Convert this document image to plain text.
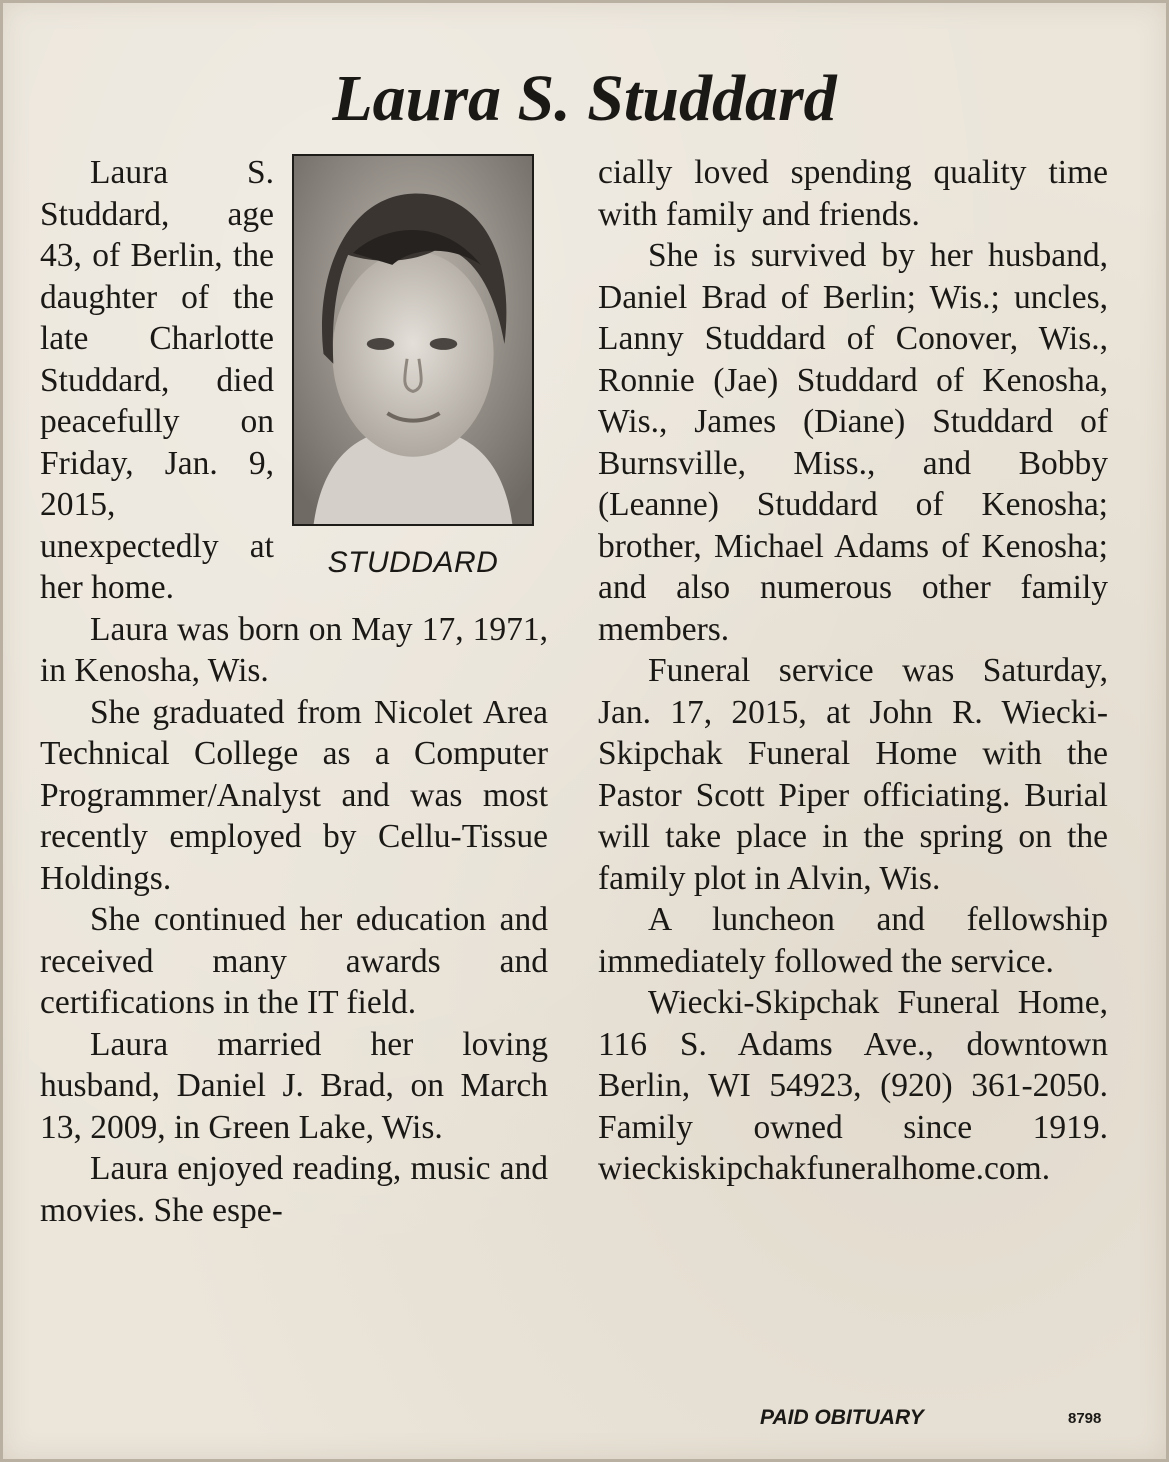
Laura S. Studdard
STUDDARD

Laura S. Studdard, age 43, of Berlin, the daughter of the late Charlotte Studdard, died peacefully on Friday, Jan. 9, 2015, unexpectedly at her home.

Laura was born on May 17, 1971, in Kenosha, Wis.

She graduated from Nicolet Area Technical College as a Computer Programmer/Analyst and was most recently employed by Cellu-Tissue Holdings.

She continued her education and received many awards and certifications in the IT field.

Laura married her loving husband, Daniel J. Brad, on March 13, 2009, in Green Lake, Wis.

Laura enjoyed reading, music and movies. She espe-

cially loved spending quality time with family and friends.

She is survived by her husband, Daniel Brad of Berlin; Wis.; uncles, Lanny Studdard of Conover, Wis., Ronnie (Jae) Studdard of Kenosha, Wis., James (Diane) Studdard of Burnsville, Miss., and Bobby (Leanne) Studdard of Kenosha; brother, Michael Adams of Kenosha; and also numerous other family members.

Funeral service was Saturday, Jan. 17, 2015, at John R. Wiecki-Skipchak Funeral Home with the Pastor Scott Piper officiating. Burial will take place in the spring on the family plot in Alvin, Wis.

A luncheon and fellowship immediately followed the service.

Wiecki-Skipchak Funeral Home, 116 S. Adams Ave., downtown Berlin, WI 54923, (920) 361-2050. Family owned since 1919. wieckiskipchakfuneralhome.com.

PAID OBITUARY	8798
